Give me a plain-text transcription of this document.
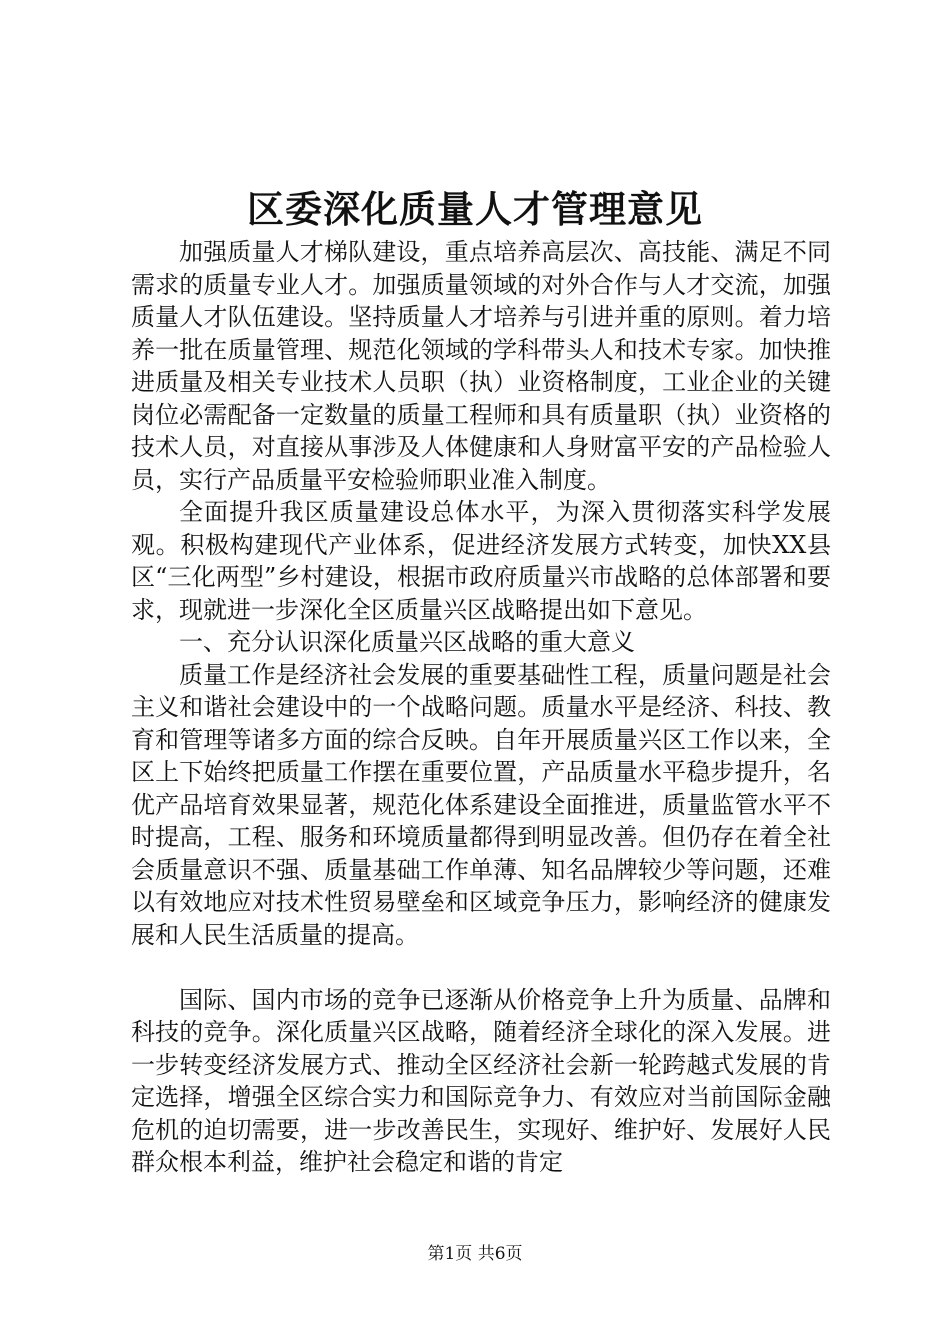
区委深化质量人才管理意见

加强质量人才梯队建设，重点培养高层次、高技能、满足不同需求的质量专业人才。加强质量领域的对外合作与人才交流，加强质量人才队伍建设。坚持质量人才培养与引进并重的原则。着力培养一批在质量管理、规范化领域的学科带头人和技术专家。加快推进质量及相关专业技术人员职（执）业资格制度，工业企业的关键岗位必需配备一定数量的质量工程师和具有质量职（执）业资格的技术人员，对直接从事涉及人体健康和人身财富平安的产品检验人员，实行产品质量平安检验师职业准入制度。

全面提升我区质量建设总体水平，为深入贯彻落实科学发展观。积极构建现代产业体系，促进经济发展方式转变，加快XX县区“三化两型”乡村建设，根据市政府质量兴市战略的总体部署和要求，现就进一步深化全区质量兴区战略提出如下意见。

一、充分认识深化质量兴区战略的重大意义

质量工作是经济社会发展的重要基础性工程，质量问题是社会主义和谐社会建设中的一个战略问题。质量水平是经济、科技、教育和管理等诸多方面的综合反映。自年开展质量兴区工作以来，全区上下始终把质量工作摆在重要位置，产品质量水平稳步提升，名优产品培育效果显著，规范化体系建设全面推进，质量监管水平不时提高，工程、服务和环境质量都得到明显改善。但仍存在着全社会质量意识不强、质量基础工作单薄、知名品牌较少等问题，还难以有效地应对技术性贸易壁垒和区域竞争压力，影响经济的健康发展和人民生活质量的提高。

国际、国内市场的竞争已逐渐从价格竞争上升为质量、品牌和科技的竞争。深化质量兴区战略，随着经济全球化的深入发展。进一步转变经济发展方式、推动全区经济社会新一轮跨越式发展的肯定选择，增强全区综合实力和国际竞争力、有效应对当前国际金融危机的迫切需要，进一步改善民生，实现好、维护好、发展好人民群众根本利益，维护社会稳定和谐的肯定

第1页 共6页
